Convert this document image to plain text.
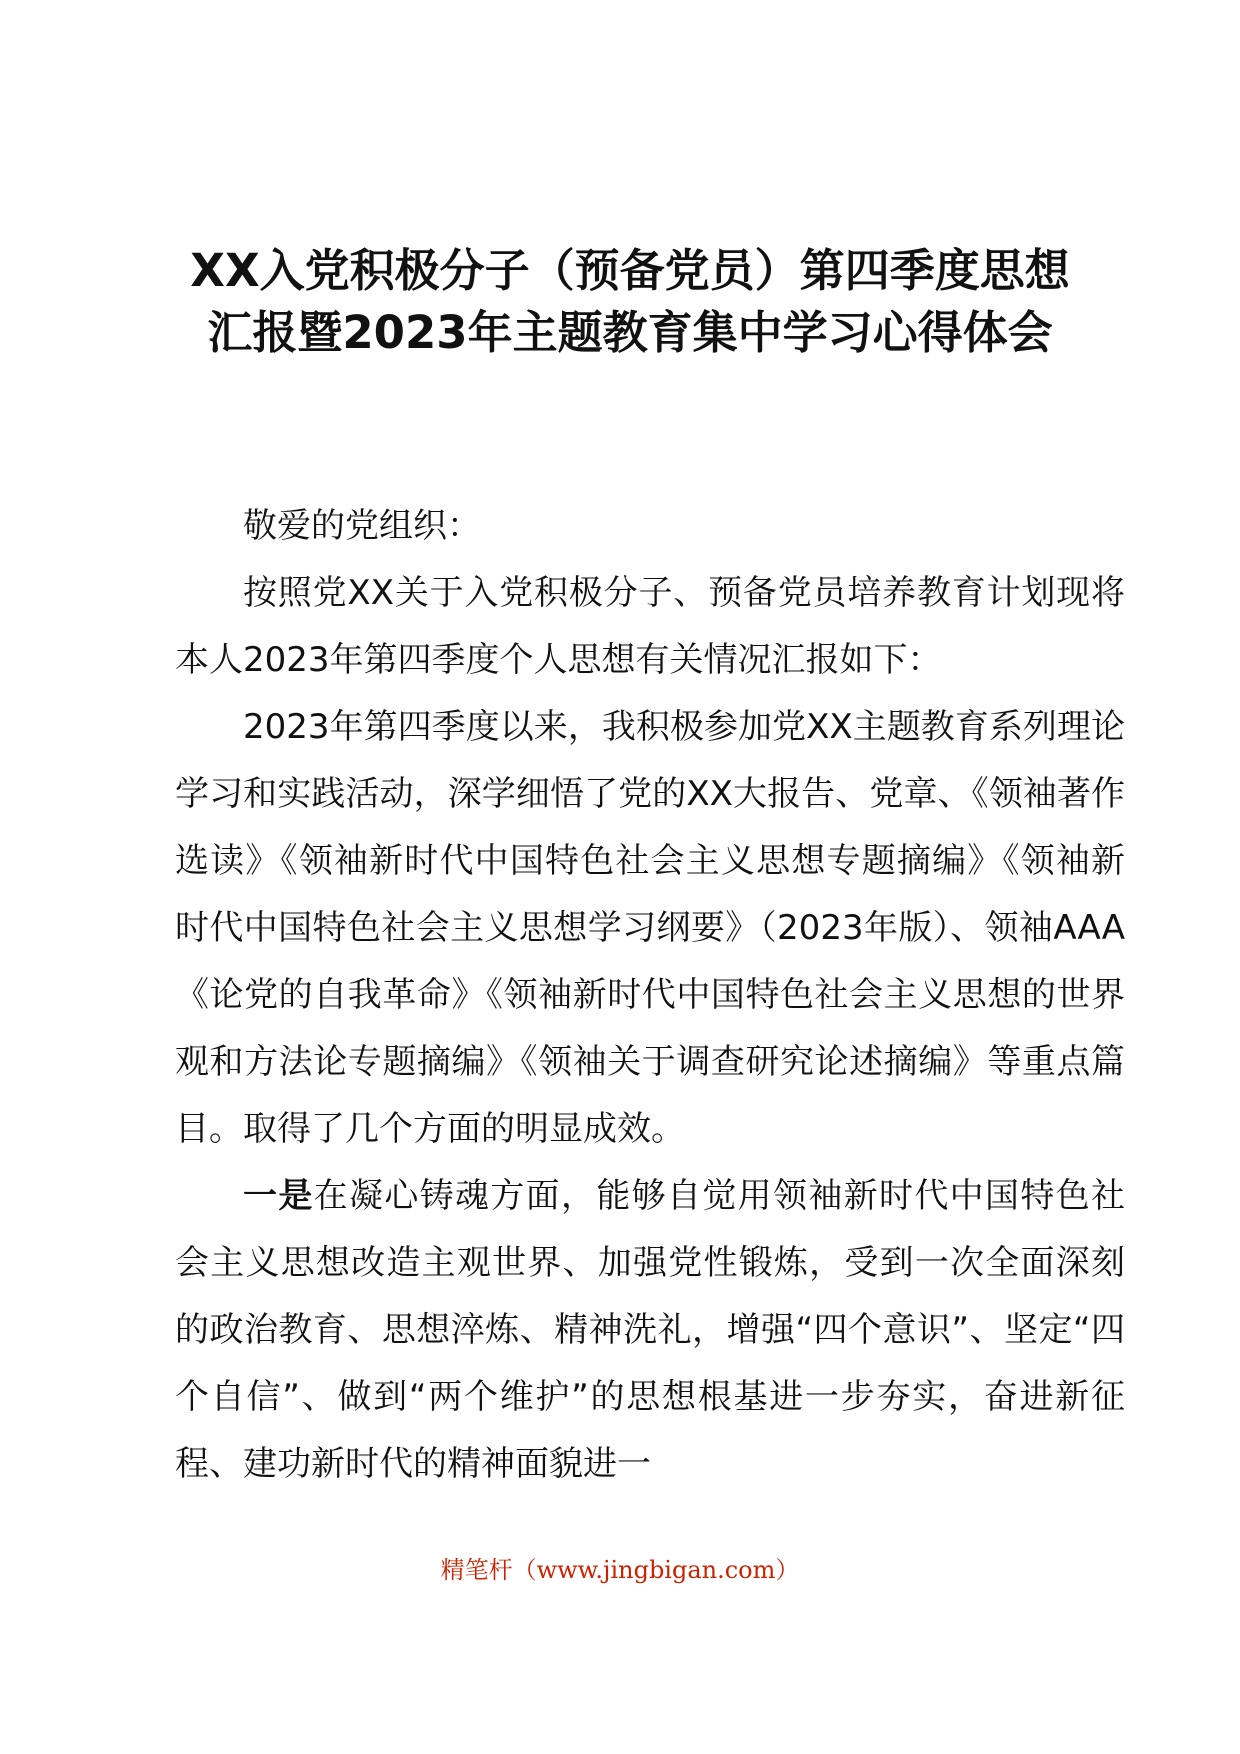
XX入党积极分子（预备党员）第四季度思想汇报暨2023年主题教育集中学习心得体会

敬爱的党组织：

按照党XX关于入党积极分子、预备党员培养教育计划现将本人2023年第四季度个人思想有关情况汇报如下：

2023年第四季度以来，我积极参加党XX主题教育系列理论学习和实践活动，深学细悟了党的XX大报告、党章、《领袖著作选读》《领袖新时代中国特色社会主义思想专题摘编》《领袖新时代中国特色社会主义思想学习纲要》（2023年版）、领袖AAA《论党的自我革命》《领袖新时代中国特色社会主义思想的世界观和方法论专题摘编》《领袖关于调查研究论述摘编》等重点篇目。取得了几个方面的明显成效。

一是在凝心铸魂方面，能够自觉用领袖新时代中国特色社会主义思想改造主观世界、加强党性锻炼，受到一次全面深刻的政治教育、思想淬炼、精神洗礼，增强“四个意识”、坚定“四个自信”、做到“两个维护”的思想根基进一步夯实，奋进新征程、建功新时代的精神面貌进一

精笔杆（www.jingbigan.com）
